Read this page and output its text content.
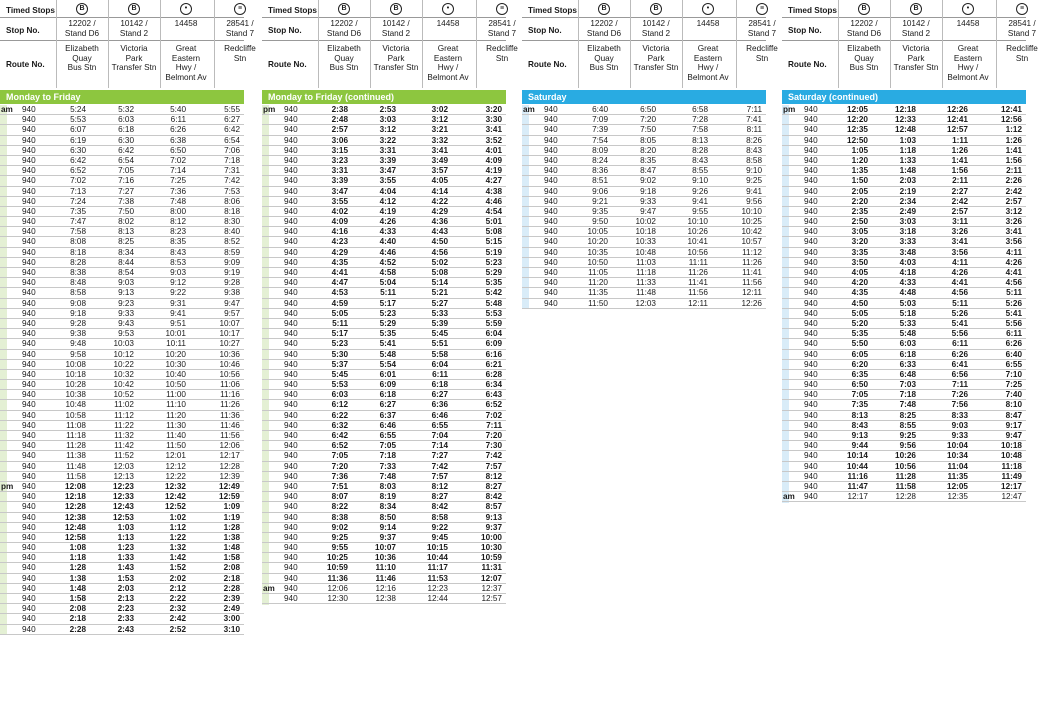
Timed Stops
Stop No.
Route No.
B
12202 /
Stand D6
Elizabeth
Quay
Bus Stn
B
10142 /
Stand 2
Victoria
Park
Transfer Stn
•
14458
Great
Eastern
Hwy /
Belmont Av
≡
28541 /
Stand 7
Redcliffe
Stn
Monday to Friday
am	940	5:24	5:32	5:40	5:55
940	5:53	6:03	6:11	6:27
940	6:07	6:18	6:26	6:42
940	6:19	6:30	6:38	6:54
940	6:30	6:42	6:50	7:06
940	6:42	6:54	7:02	7:18
940	6:52	7:05	7:14	7:31
940	7:02	7:16	7:25	7:42
940	7:13	7:27	7:36	7:53
940	7:24	7:38	7:48	8:06
940	7:35	7:50	8:00	8:18
940	7:47	8:02	8:12	8:30
940	7:58	8:13	8:23	8:40
940	8:08	8:25	8:35	8:52
940	8:18	8:34	8:43	8:59
940	8:28	8:44	8:53	9:09
940	8:38	8:54	9:03	9:19
940	8:48	9:03	9:12	9:28
940	8:58	9:13	9:22	9:38
940	9:08	9:23	9:31	9:47
940	9:18	9:33	9:41	9:57
940	9:28	9:43	9:51	10:07
940	9:38	9:53	10:01	10:17
940	9:48	10:03	10:11	10:27
940	9:58	10:12	10:20	10:36
940	10:08	10:22	10:30	10:46
940	10:18	10:32	10:40	10:56
940	10:28	10:42	10:50	11:06
940	10:38	10:52	11:00	11:16
940	10:48	11:02	11:10	11:26
940	10:58	11:12	11:20	11:36
940	11:08	11:22	11:30	11:46
940	11:18	11:32	11:40	11:56
940	11:28	11:42	11:50	12:06
940	11:38	11:52	12:01	12:17
940	11:48	12:03	12:12	12:28
940	11:58	12:13	12:22	12:39
pm	940	12:08	12:23	12:32	12:49
940	12:18	12:33	12:42	12:59
940	12:28	12:43	12:52	1:09
940	12:38	12:53	1:02	1:19
940	12:48	1:03	1:12	1:28
940	12:58	1:13	1:22	1:38
940	1:08	1:23	1:32	1:48
940	1:18	1:33	1:42	1:58
940	1:28	1:43	1:52	2:08
940	1:38	1:53	2:02	2:18
940	1:48	2:03	2:12	2:28
940	1:58	2:13	2:22	2:39
940	2:08	2:23	2:32	2:49
940	2:18	2:33	2:42	3:00
940	2:28	2:43	2:52	3:10
Timed Stops
Stop No.
Route No.
B
12202 /
Stand D6
Elizabeth
Quay
Bus Stn
B
10142 /
Stand 2
Victoria
Park
Transfer Stn
•
14458
Great
Eastern
Hwy /
Belmont Av
≡
28541 /
Stand 7
Redcliffe
Stn
Monday to Friday (continued)
pm	940	2:38	2:53	3:02	3:20
940	2:48	3:03	3:12	3:30
940	2:57	3:12	3:21	3:41
940	3:06	3:22	3:32	3:52
940	3:15	3:31	3:41	4:01
940	3:23	3:39	3:49	4:09
940	3:31	3:47	3:57	4:19
940	3:39	3:55	4:05	4:27
940	3:47	4:04	4:14	4:38
940	3:55	4:12	4:22	4:46
940	4:02	4:19	4:29	4:54
940	4:09	4:26	4:36	5:01
940	4:16	4:33	4:43	5:08
940	4:23	4:40	4:50	5:15
940	4:29	4:46	4:56	5:19
940	4:35	4:52	5:02	5:23
940	4:41	4:58	5:08	5:29
940	4:47	5:04	5:14	5:35
940	4:53	5:11	5:21	5:42
940	4:59	5:17	5:27	5:48
940	5:05	5:23	5:33	5:53
940	5:11	5:29	5:39	5:59
940	5:17	5:35	5:45	6:04
940	5:23	5:41	5:51	6:09
940	5:30	5:48	5:58	6:16
940	5:37	5:54	6:04	6:21
940	5:45	6:01	6:11	6:28
940	5:53	6:09	6:18	6:34
940	6:03	6:18	6:27	6:43
940	6:12	6:27	6:36	6:52
940	6:22	6:37	6:46	7:02
940	6:32	6:46	6:55	7:11
940	6:42	6:55	7:04	7:20
940	6:52	7:05	7:14	7:30
940	7:05	7:18	7:27	7:42
940	7:20	7:33	7:42	7:57
940	7:36	7:48	7:57	8:12
940	7:51	8:03	8:12	8:27
940	8:07	8:19	8:27	8:42
940	8:22	8:34	8:42	8:57
940	8:38	8:50	8:58	9:13
940	9:02	9:14	9:22	9:37
940	9:25	9:37	9:45	10:00
940	9:55	10:07	10:15	10:30
940	10:25	10:36	10:44	10:59
940	10:59	11:10	11:17	11:31
940	11:36	11:46	11:53	12:07
am	940	12:06	12:16	12:23	12:37
940	12:30	12:38	12:44	12:57
Timed Stops
Stop No.
Route No.
B
12202 /
Stand D6
Elizabeth
Quay
Bus Stn
B
10142 /
Stand 2
Victoria
Park
Transfer Stn
•
14458
Great
Eastern
Hwy /
Belmont Av
≡
28541 /
Stand 7
Redcliffe
Stn
Saturday
am	940	6:40	6:50	6:58	7:11
940	7:09	7:20	7:28	7:41
940	7:39	7:50	7:58	8:11
940	7:54	8:05	8:13	8:26
940	8:09	8:20	8:28	8:43
940	8:24	8:35	8:43	8:58
940	8:36	8:47	8:55	9:10
940	8:51	9:02	9:10	9:25
940	9:06	9:18	9:26	9:41
940	9:21	9:33	9:41	9:56
940	9:35	9:47	9:55	10:10
940	9:50	10:02	10:10	10:25
940	10:05	10:18	10:26	10:42
940	10:20	10:33	10:41	10:57
940	10:35	10:48	10:56	11:12
940	10:50	11:03	11:11	11:26
940	11:05	11:18	11:26	11:41
940	11:20	11:33	11:41	11:56
940	11:35	11:48	11:56	12:11
940	11:50	12:03	12:11	12:26
Timed Stops
Stop No.
Route No.
B
12202 /
Stand D6
Elizabeth
Quay
Bus Stn
B
10142 /
Stand 2
Victoria
Park
Transfer Stn
•
14458
Great
Eastern
Hwy /
Belmont Av
≡
28541 /
Stand 7
Redcliffe
Stn
Saturday (continued)
pm	940	12:05	12:18	12:26	12:41
940	12:20	12:33	12:41	12:56
940	12:35	12:48	12:57	1:12
940	12:50	1:03	1:11	1:26
940	1:05	1:18	1:26	1:41
940	1:20	1:33	1:41	1:56
940	1:35	1:48	1:56	2:11
940	1:50	2:03	2:11	2:26
940	2:05	2:19	2:27	2:42
940	2:20	2:34	2:42	2:57
940	2:35	2:49	2:57	3:12
940	2:50	3:03	3:11	3:26
940	3:05	3:18	3:26	3:41
940	3:20	3:33	3:41	3:56
940	3:35	3:48	3:56	4:11
940	3:50	4:03	4:11	4:26
940	4:05	4:18	4:26	4:41
940	4:20	4:33	4:41	4:56
940	4:35	4:48	4:56	5:11
940	4:50	5:03	5:11	5:26
940	5:05	5:18	5:26	5:41
940	5:20	5:33	5:41	5:56
940	5:35	5:48	5:56	6:11
940	5:50	6:03	6:11	6:26
940	6:05	6:18	6:26	6:40
940	6:20	6:33	6:41	6:55
940	6:35	6:48	6:56	7:10
940	6:50	7:03	7:11	7:25
940	7:05	7:18	7:26	7:40
940	7:35	7:48	7:56	8:10
940	8:13	8:25	8:33	8:47
940	8:43	8:55	9:03	9:17
940	9:13	9:25	9:33	9:47
940	9:44	9:56	10:04	10:18
940	10:14	10:26	10:34	10:48
940	10:44	10:56	11:04	11:18
940	11:16	11:28	11:35	11:49
940	11:47	11:58	12:05	12:17
am	940	12:17	12:28	12:35	12:47
